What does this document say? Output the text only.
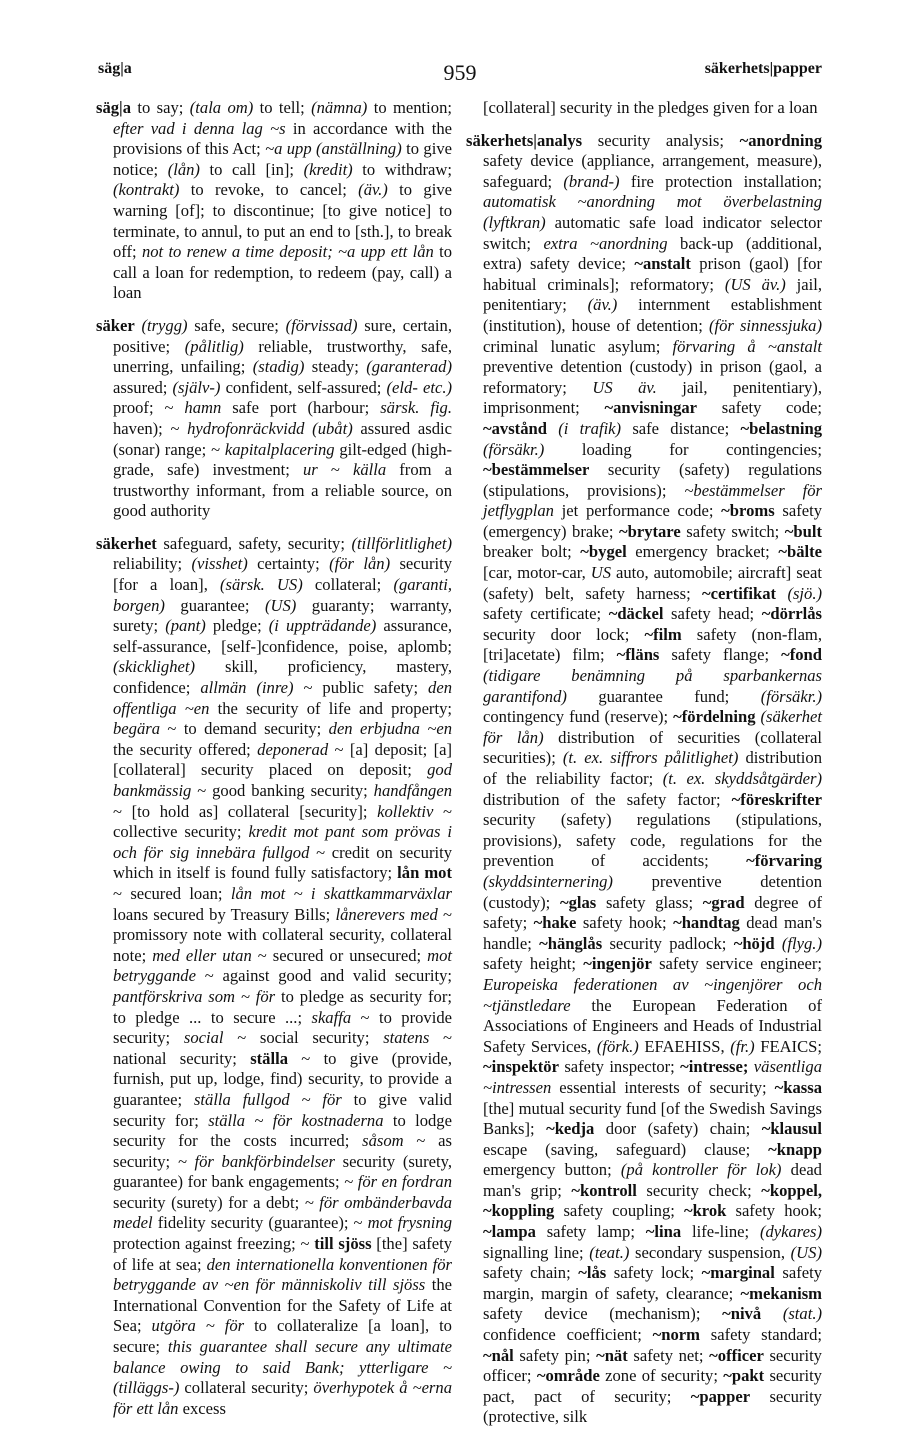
säg|a	959	säkerhets|papper

säg|a to say; (tala om) to tell; (nämna) to mention; efter vad i denna lag ~s in accordance with the provisions of this Act; ~a upp (anställning) to give notice; (lån) to call [in]; (kredit) to withdraw; (kontrakt) to revoke, to cancel; (äv.) to give warning [of]; to discontinue; [to give notice] to terminate, to annul, to put an end to [sth.], to break off; not to renew a time deposit; ~a upp ett lån to call a loan for redemption, to redeem (pay, call) a loan

säker (trygg) safe, secure; (förvissad) sure, certain, positive; (pålitlig) reliable, trustworthy, safe, unerring, unfailing; (stadig) steady; (garanterad) assured; (själv-) confident, self-assured; (eld- etc.) proof; ~ hamn safe port (harbour; särsk. fig. haven); ~ hydrofonräckvidd (ubåt) assured asdic (sonar) range; ~ kapitalplacering gilt-edged (high-grade, safe) investment; ur ~ källa from a trustworthy informant, from a reliable source, on good authority

säkerhet safeguard, safety, security; (tillförlitlighet) reliability; (visshet) certainty; (för lån) security [for a loan], (särsk. US) collateral; (garanti, borgen) guarantee; (US) guaranty; warranty, surety; (pant) pledge; (i uppträdande) assurance, self-assurance, [self-]confidence, poise, aplomb; (skicklighet) skill, proficiency, mastery, confidence; allmän (inre) ~ public safety; den offentliga ~en the security of life and property; begära ~ to demand security; den erbjudna ~en the security offered; deponerad ~ [a] deposit; [a] [collateral] security placed on deposit; god bankmässig ~ good banking security; handfången ~ [to hold as] collateral [security]; kollektiv ~ collective security; kredit mot pant som prövas i och för sig innebära fullgod ~ credit on security which in itself is found fully satisfactory; lån mot ~ secured loan; lån mot ~ i skattkammarväxlar loans secured by Treasury Bills; lånerevers med ~ promissory note with collateral security, collateral note; med eller utan ~ secured or unsecured; mot betryggande ~ against good and valid security; pantförskriva som ~ för to pledge as security for; to pledge ... to secure ...; skaffa ~ to provide security; social ~ social security; statens ~ national security; ställa ~ to give (provide, furnish, put up, lodge, find) security, to provide a guarantee; ställa fullgod ~ för to give valid security for; ställa ~ för kostnaderna to lodge security for the costs incurred; såsom ~ as security; ~ för bankförbindelser security (surety, guarantee) for bank engagements; ~ för en fordran security (surety) for a debt; ~ för ombänderbavda medel fidelity security (guarantee); ~ mot frysning protection against freezing; ~ till sjöss [the] safety of life at sea; den internationella konventionen för betryggande av ~en för människoliv till sjöss the International Convention for the Safety of Life at Sea; utgöra ~ för to collateralize [a loan], to secure; this guarantee shall secure any ultimate balance owing to said Bank; ytterligare ~ (tilläggs-) collateral security; överhypotek å ~erna för ett lån excess

[collateral] security in the pledges given for a loan

säkerhets|analys security analysis; ~anordning safety device (appliance, arrangement, measure), safeguard; (brand-) fire protection installation; automatisk ~anordning mot överbelastning (lyftkran) automatic safe load indicator selector switch; extra ~anordning back-up (additional, extra) safety device; ~anstalt prison (gaol) [for habitual criminals]; reformatory; (US äv.) jail, penitentiary; (äv.) internment establishment (institution), house of detention; (för sinnessjuka) criminal lunatic asylum; förvaring å ~anstalt preventive detention (custody) in prison (gaol, a reformatory; US äv. jail, penitentiary), imprisonment; ~anvisningar safety code; ~avstånd (i trafik) safe distance; ~belastning (försäkr.) loading for contingencies; ~bestämmelser security (safety) regulations (stipulations, provisions); ~bestämmelser för jetflygplan jet performance code; ~broms safety (emergency) brake; ~brytare safety switch; ~bult breaker bolt; ~bygel emergency bracket; ~bälte [car, motor-car, US auto, automobile; aircraft] seat (safety) belt, safety harness; ~certifikat (sjö.) safety certificate; ~däckel safety head; ~dörrlås security door lock; ~film safety (non-flam, [tri]acetate) film; ~fläns safety flange; ~fond (tidigare benämning på sparbankernas garantifond) guarantee fund; (försäkr.) contingency fund (reserve); ~fördelning (säkerhet för lån) distribution of securities (collateral securities); (t. ex. siffrors pålitlighet) distribution of the reliability factor; (t. ex. skyddsåtgärder) distribution of the safety factor; ~föreskrifter security (safety) regulations (stipulations, provisions), safety code, regulations for the prevention of accidents; ~förvaring (skyddsinternering) preventive detention (custody); ~glas safety glass; ~grad degree of safety; ~hake safety hook; ~handtag dead man's handle; ~hänglås security padlock; ~höjd (flyg.) safety height; ~ingenjör safety service engineer; Europeiska federationen av ~ingenjörer och ~tjänstledare the European Federation of Associations of Engineers and Heads of Industrial Safety Services, (förk.) EFAEHISS, (fr.) FEAICS; ~inspektör safety inspector; ~intresse; väsentliga ~intressen essential interests of security; ~kassa [the] mutual security fund [of the Swedish Savings Banks]; ~kedja door (safety) chain; ~klausul escape (saving, safeguard) clause; ~knapp emergency button; (på kontroller för lok) dead man's grip; ~kontroll security check; ~koppel, ~koppling safety coupling; ~krok safety hook; ~lampa safety lamp; ~lina life-line; (dykares) signalling line; (teat.) secondary suspension, (US) safety chain; ~lås safety lock; ~marginal safety margin, margin of safety, clearance; ~mekanism safety device (mechanism); ~nivå (stat.) confidence coefficient; ~norm safety standard; ~nål safety pin; ~nät safety net; ~officer security officer; ~område zone of security; ~pakt security pact, pact of security; ~papper security (protective, silk
